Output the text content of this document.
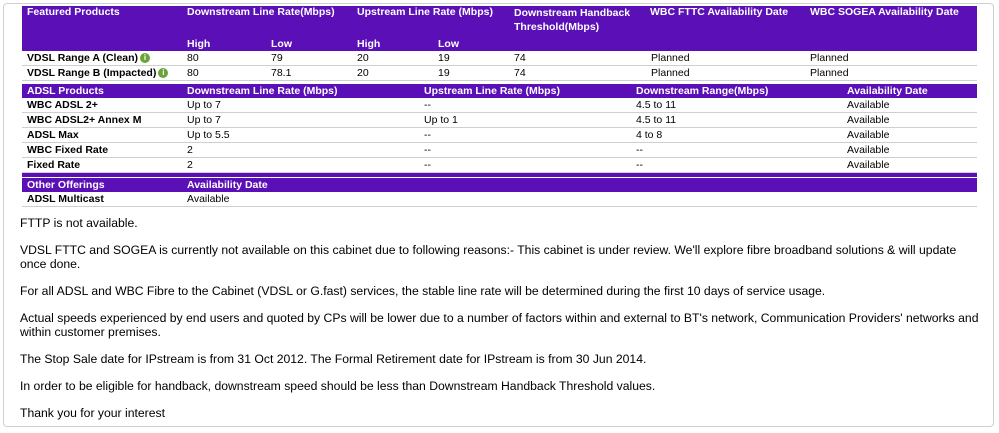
Featured Products	Downstream Line Rate(Mbps)		Upstream Line Rate (Mbps)		Downstream Handback Threshold(Mbps)	WBC FTTC Availability Date	WBC SOGEA Availability Date
	High	Low	High	Low			
VDSL Range A (Clean) i	80	79	20	19	74	Planned	Planned
VDSL Range B (Impacted) i	80	78.1	20	19	74	Planned	Planned
ADSL Products	Downstream Line Rate (Mbps)	Upstream Line Rate (Mbps)	Downstream Range(Mbps)	Availability Date
WBC ADSL 2+	Up to 7	--	4.5 to 11	Available
WBC ADSL2+ Annex M	Up to 7	Up to 1	4.5 to 11	Available
ADSL Max	Up to 5.5	--	4 to 8	Available
WBC Fixed Rate	2	--	--	Available
Fixed Rate	2	--	--	Available
Other Offerings	Availability Date
ADSL Multicast	Available

FTTP is not available.

VDSL FTTC and SOGEA is currently not available on this cabinet due to following reasons:- This cabinet is under review. We'll explore fibre broadband solutions & will update once done.

For all ADSL and WBC Fibre to the Cabinet (VDSL or G.fast) services, the stable line rate will be determined during the first 10 days of service usage.

Actual speeds experienced by end users and quoted by CPs will be lower due to a number of factors within and external to BT's network, Communication Providers' networks and within customer premises.

The Stop Sale date for IPstream is from 31 Oct 2012. The Formal Retirement date for IPstream is from 30 Jun 2014.

In order to be eligible for handback, downstream speed should be less than Downstream Handback Threshold values.

Thank you for your interest
